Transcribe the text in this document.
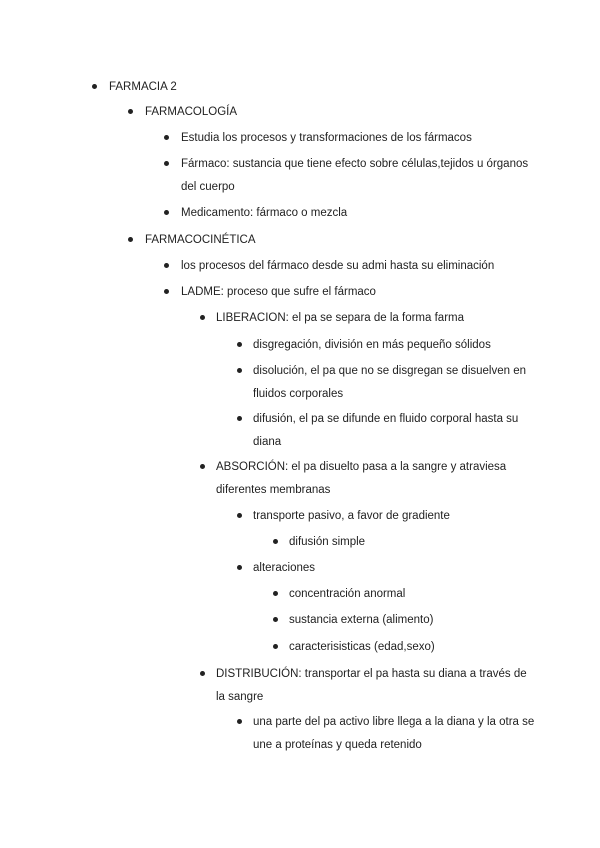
FARMACIA 2
FARMACOLOGÍA
Estudia los procesos y transformaciones de los fármacos
Fármaco: sustancia que tiene efecto sobre células,tejidos u órganos del cuerpo
Medicamento: fármaco o mezcla
FARMACOCINÉTICA
los procesos del fármaco desde su admi hasta su eliminación
LADME: proceso que sufre el fármaco
LIBERACION: el pa se separa de la forma farma
disgregación, división en más pequeño sólidos
disolución, el pa que no se disgregan se disuelven en fluidos corporales
difusión, el pa se difunde en fluido corporal hasta su diana
ABSORCIÓN: el pa disuelto pasa a la sangre y atraviesa diferentes membranas
transporte pasivo, a favor de gradiente
difusión simple
alteraciones
concentración anormal
sustancia externa (alimento)
caracterisisticas (edad,sexo)
DISTRIBUCIÓN: transportar el pa hasta su diana a través de la sangre
una parte del pa activo libre llega a la diana y la otra se une a proteínas y queda retenido
